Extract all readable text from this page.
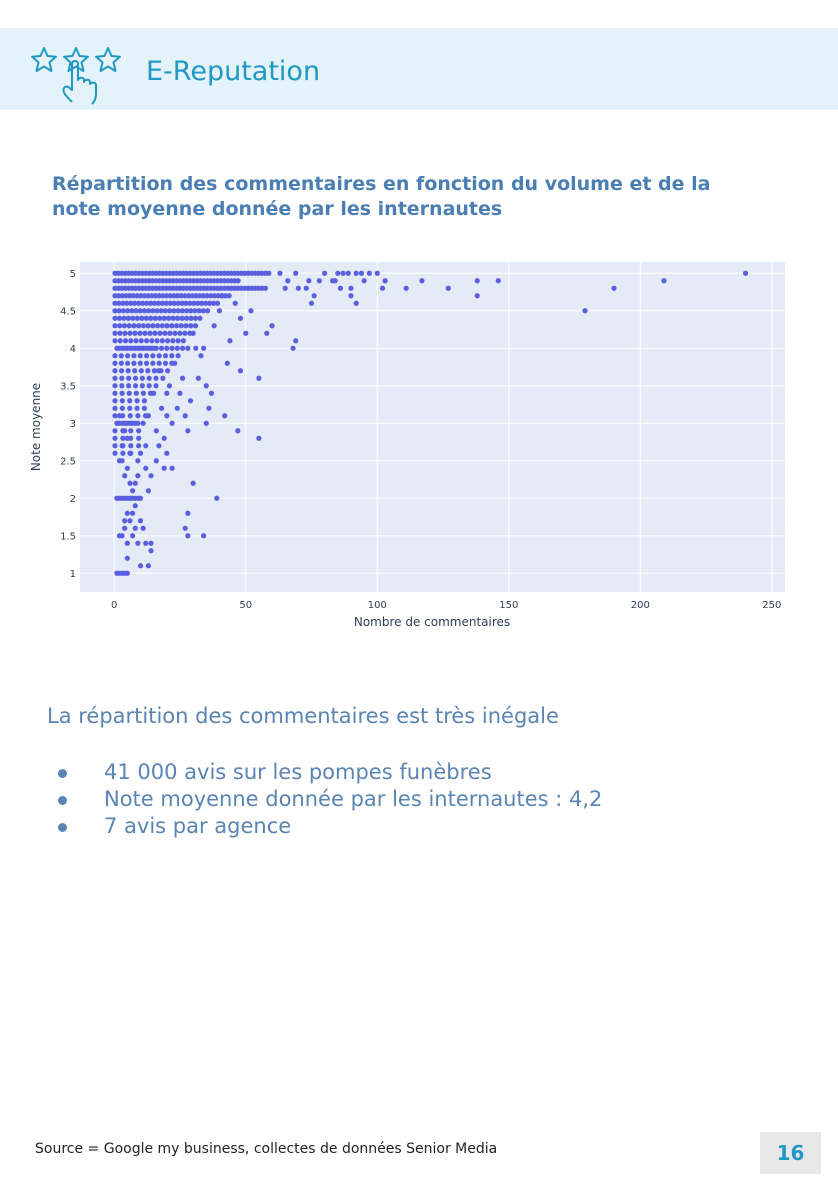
E-Reputation
Répartition des commentaires en fonction du volume et de la note moyenne donnée par les internautes
0	50	100	150	200	250
1
1.5
2
2.5
3
3.5
4
4.5
5
Nombre de commentaires
Note moyenne
La répartition des commentaires est très inégale
41 000 avis sur les pompes funèbres
Note moyenne donnée par les internautes : 4,2
7 avis par agence
Source = Google my business, collectes de données Senior Media	16
